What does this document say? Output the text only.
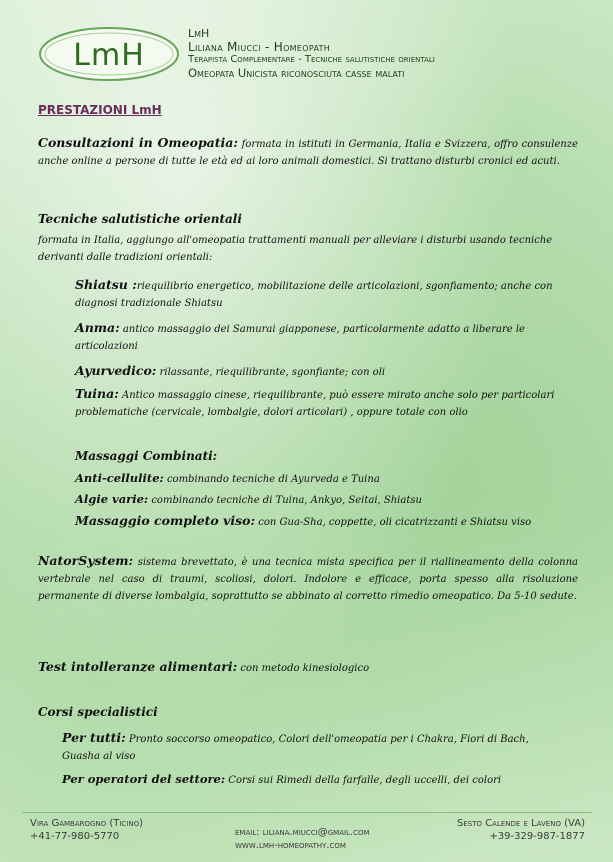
LmH
LmH
Liliana Miucci - Homeopath
Terapista Complementare - Tecniche salutistiche orientali
Omeopata Unicista riconosciuta casse malati
PRESTAZIONI LmH
Consultazioni in Omeopatia: formata in istituti in Germania, Italia e Svizzera, offro consulenze anche online a persone di tutte le età ed ai loro animali domestici. Si trattano disturbi cronici ed acuti.
Tecniche salutistiche orientali
formata in Italia, aggiungo all'omeopatia trattamenti manuali per alleviare i disturbi usando tecniche derivanti dalle tradizioni orientali:
Shiatsu :riequilibrio energetico, mobilitazione delle articolazioni, sgonfiamento; anche con diagnosi tradizionale Shiatsu
Anma: antico massaggio dei Samurai giapponese, particolarmente adatto a liberare le articolazioni
Ayurvedico: rilassante, riequilibrante, sgonfiante; con oli
Tuina: Antico massaggio cinese, riequilibrante, può essere mirato anche solo per particolari problematiche (cervicale, lombalgie, dolori articolari) , oppure totale con olio
Massaggi Combinati:
Anti-cellulite: combinando tecniche di Ayurveda e Tuina
Algie varie: combinando tecniche di Tuina, Ankyo, Seitai, Shiatsu
Massaggio completo viso: con Gua-Sha, coppette, oli cicatrizzanti e Shiatsu viso
NatorSystem: sistema brevettato, è una tecnica mista specifica per il riallineamento della colonna vertebrale nel caso di traumi, scoliosi, dolori. Indolore e efficace, porta spesso alla risoluzione permanente di diverse lombalgia, soprattutto se abbinato al corretto rimedio omeopatico. Da 5-10 sedute.
Test intolleranze alimentari: con metodo kinesiologico
Corsi specialistici
Per tutti: Pronto soccorso omeopatico, Colori dell'omeopatia per i Chakra, Fiori di Bach, Guasha al viso
Per operatori del settore: Corsi sui Rimedi della farfalle, degli uccelli, dei colori
Vira Gambarogno (Ticino)
+41-77-980-5770	email: liliana.miucci@gmail.com
www.lmh-homeopathy.com
Sesto Calende e Laveno (VA)
+39-329-987-1877
